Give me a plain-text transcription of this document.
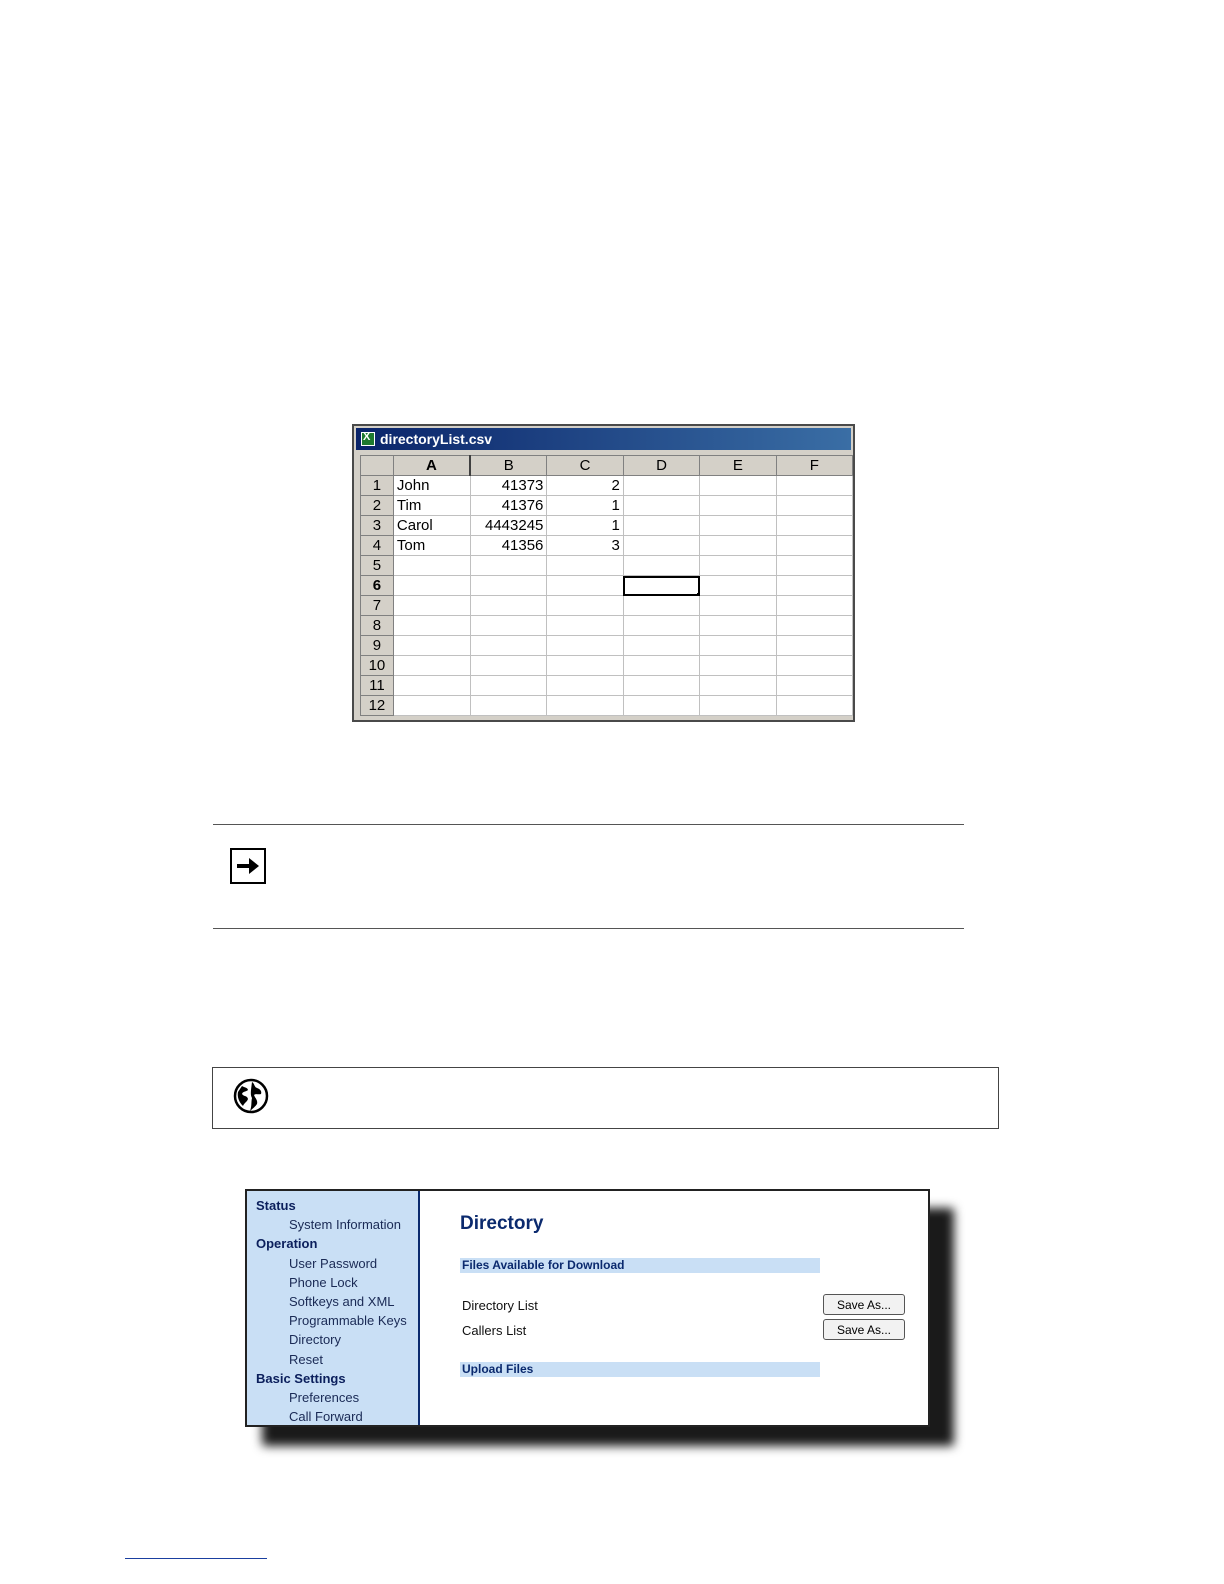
X
directoryList.csv
	A	B	C	D	E	F
1	John	41373	2			
2	Tim	41376	1			
3	Carol	4443245	1			
4	Tom	41356	3			
5						
6						
7						
8						
9						
10						
11						
12						
Status
System Information
Operation
User Password
Phone Lock
Softkeys and XML
Programmable Keys
Directory
Reset
Basic Settings
Preferences
Call Forward
Directory
Files Available for Download
Directory List	Save As...
Callers List	Save As...
Upload Files
